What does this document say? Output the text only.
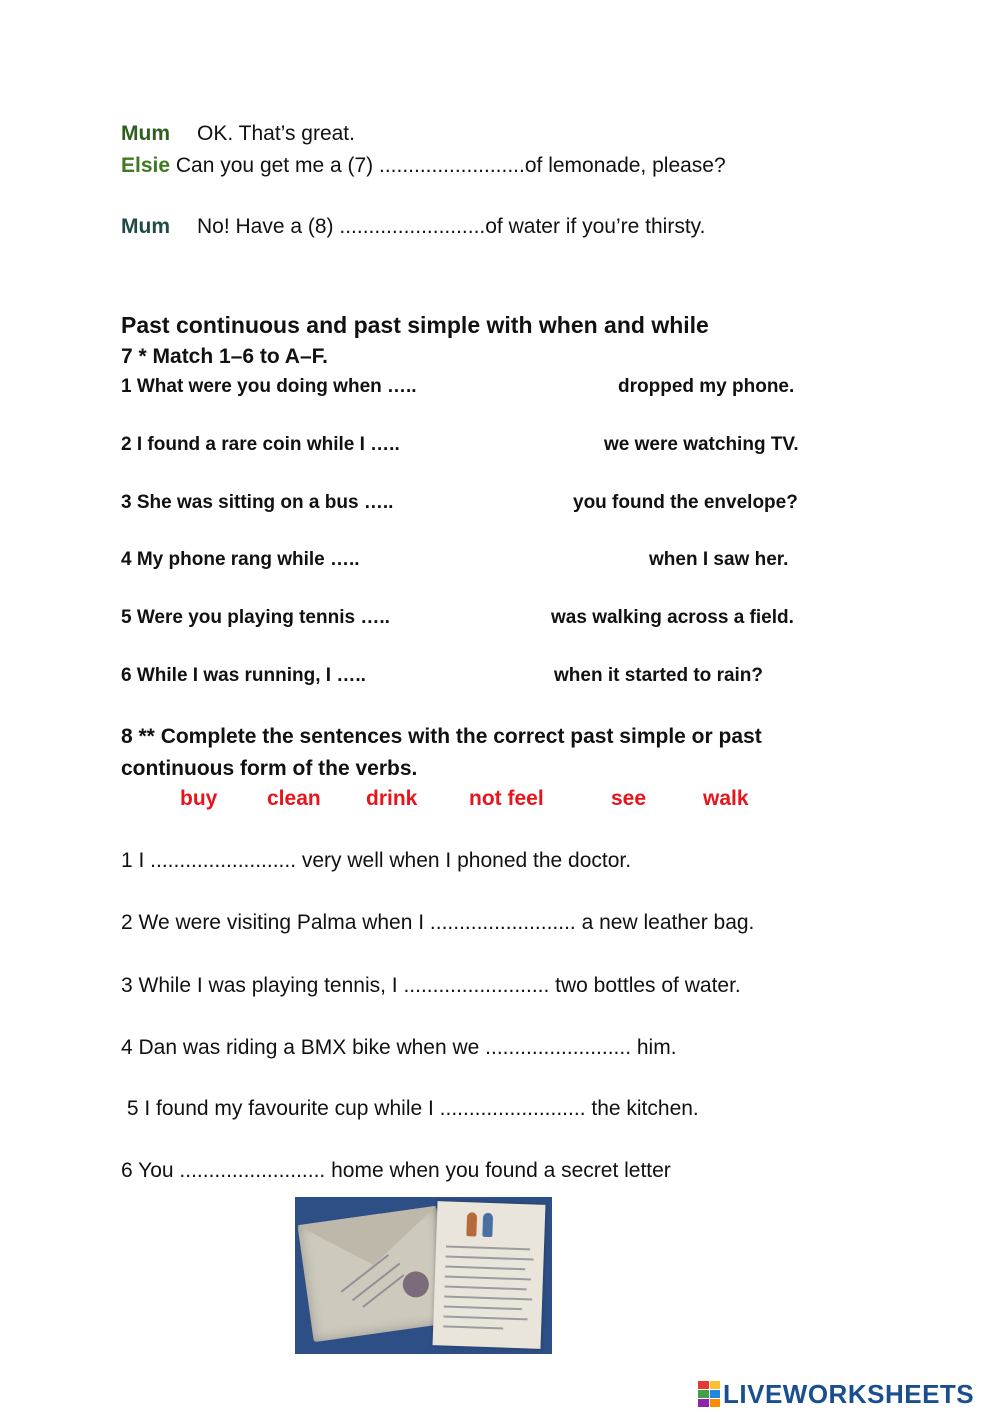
Mum OK. That’s great.
Elsie Can you get me a (7) .........................of lemonade, please?
Mum No! Have a (8) .........................of water if you’re thirsty.
Past continuous and past simple with when and while
7 * Match 1–6 to A–F.
1 What were you doing when …..
2 I found a rare coin while I …..
3 She was sitting on a bus …..
4 My phone rang while …..
5 Were you playing tennis …..
6 While I was running, I …..
dropped my phone.
we were watching TV.
you found the envelope?
when I saw her.
was walking across a field.
when it started to rain?
8 ** Complete the sentences with the correct past simple or past
continuous form of the verbs.
buy clean drink not feel	see	walk
1 I ......................... very well when I phoned the doctor.
2 We were visiting Palma when I ......................... a new leather bag.
3 While I was playing tennis, I ......................... two bottles of water.
4 Dan was riding a BMX bike when we ......................... him.
5 I found my favourite cup while I ......................... the kitchen.
6 You ......................... home when you found a secret letter
LIVEWORKSHEETS
